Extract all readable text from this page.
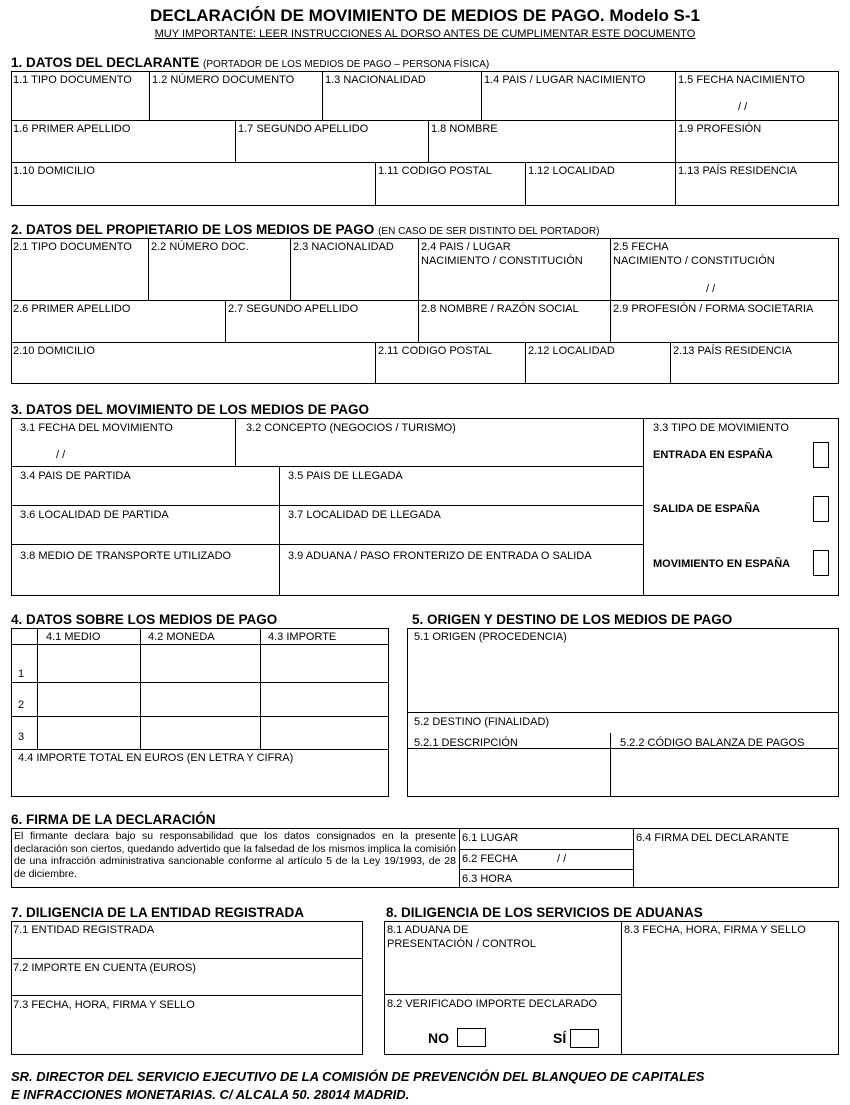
DECLARACIÓN DE MOVIMIENTO DE MEDIOS DE PAGO. Modelo S-1
MUY IMPORTANTE: LEER INSTRUCCIONES AL DORSO ANTES DE CUMPLIMENTAR ESTE DOCUMENTO
1. DATOS DEL DECLARANTE (PORTADOR DE LOS MEDIOS DE PAGO – PERSONA FÍSICA)
1.1 TIPO DOCUMENTO 1.2 NÚMERO DOCUMENTO	1.3 NACIONALIDAD	1.4 PAIS / LUGAR NACIMIENTO	1.5 FECHA NACIMIENTO
/ /
1.6 PRIMER APELLIDO	1.7 SEGUNDO APELLIDO	1.8 NOMBRE	1.9 PROFESIÓN
1.10 DOMICILIO	1.11 CODIGO POSTAL	1.12 LOCALIDAD	1.13 PAÍS RESIDENCIA
2. DATOS DEL PROPIETARIO DE LOS MEDIOS DE PAGO (EN CASO DE SER DISTINTO DEL PORTADOR)
2.1 TIPO DOCUMENTO 2.2 NÚMERO DOC.	2.3 NACIONALIDAD 2.4 PAIS / LUGAR
NACIMIENTO / CONSTITUCIÓN
2.5 FECHA
NACIMIENTO / CONSTITUCIÓN
/ /
2.6 PRIMER APELLIDO	2.7 SEGUNDO APELLIDO	2.8 NOMBRE / RAZÓN SOCIAL	2.9 PROFESIÓN / FORMA SOCIETARIA
2.10 DOMICILIO	2.11 CODIGO POSTAL	2.12 LOCALIDAD	2.13 PAÍS RESIDENCIA
3. DATOS DEL MOVIMIENTO DE LOS MEDIOS DE PAGO
3.1 FECHA DEL MOVIMIENTO
/ /
3.2 CONCEPTO (NEGOCIOS / TURISMO)	3.3 TIPO DE MOVIMIENTO
ENTRADA EN ESPAÑA
SALIDA DE ESPAÑA
MOVIMIENTO EN ESPAÑA
3.4 PAIS DE PARTIDA	3.5 PAIS DE LLEGADA
3.6 LOCALIDAD DE PARTIDA	3.7 LOCALIDAD DE LLEGADA
3.8 MEDIO DE TRANSPORTE UTILIZADO	3.9 ADUANA / PASO FRONTERIZO DE ENTRADA O SALIDA
4. DATOS SOBRE LOS MEDIOS DE PAGO
4.1 MEDIO	4.2 MONEDA	4.3 IMPORTE
1
2
3
4.4 IMPORTE TOTAL EN EUROS (EN LETRA Y CIFRA)
5. ORIGEN Y DESTINO DE LOS MEDIOS DE PAGO
5.1 ORIGEN (PROCEDENCIA)
5.2 DESTINO (FINALIDAD)
5.2.1 DESCRIPCIÓN	5.2.2 CÓDIGO BALANZA DE PAGOS
6. FIRMA DE LA DECLARACIÓN
El firmante declara bajo su responsabilidad que los datos consignados en la presente declaración son ciertos, quedando advertido que la falsedad de los mismos implica la comisión de una infracción administrativa sancionable conforme al artículo 5 de la Ley 19/1993, de 28 de diciembre.
6.1 LUGAR
6.2 FECHA	/ /
6.3 HORA
6.4 FIRMA DEL DECLARANTE
7. DILIGENCIA DE LA ENTIDAD REGISTRADA
7.1 ENTIDAD REGISTRADA
7.2 IMPORTE EN CUENTA (EUROS)
7.3 FECHA, HORA, FIRMA Y SELLO
8. DILIGENCIA DE LOS SERVICIOS DE ADUANAS
8.1 ADUANA DE
PRESENTACIÓN / CONTROL
8.2 VERIFICADO IMPORTE DECLARADO
NO	SÍ
8.3 FECHA, HORA, FIRMA Y SELLO
SR. DIRECTOR DEL SERVICIO EJECUTIVO DE LA COMISIÓN DE PREVENCIÓN DEL BLANQUEO DE CAPITALES
E INFRACCIONES MONETARIAS. C/ ALCALA 50. 28014 MADRID.
